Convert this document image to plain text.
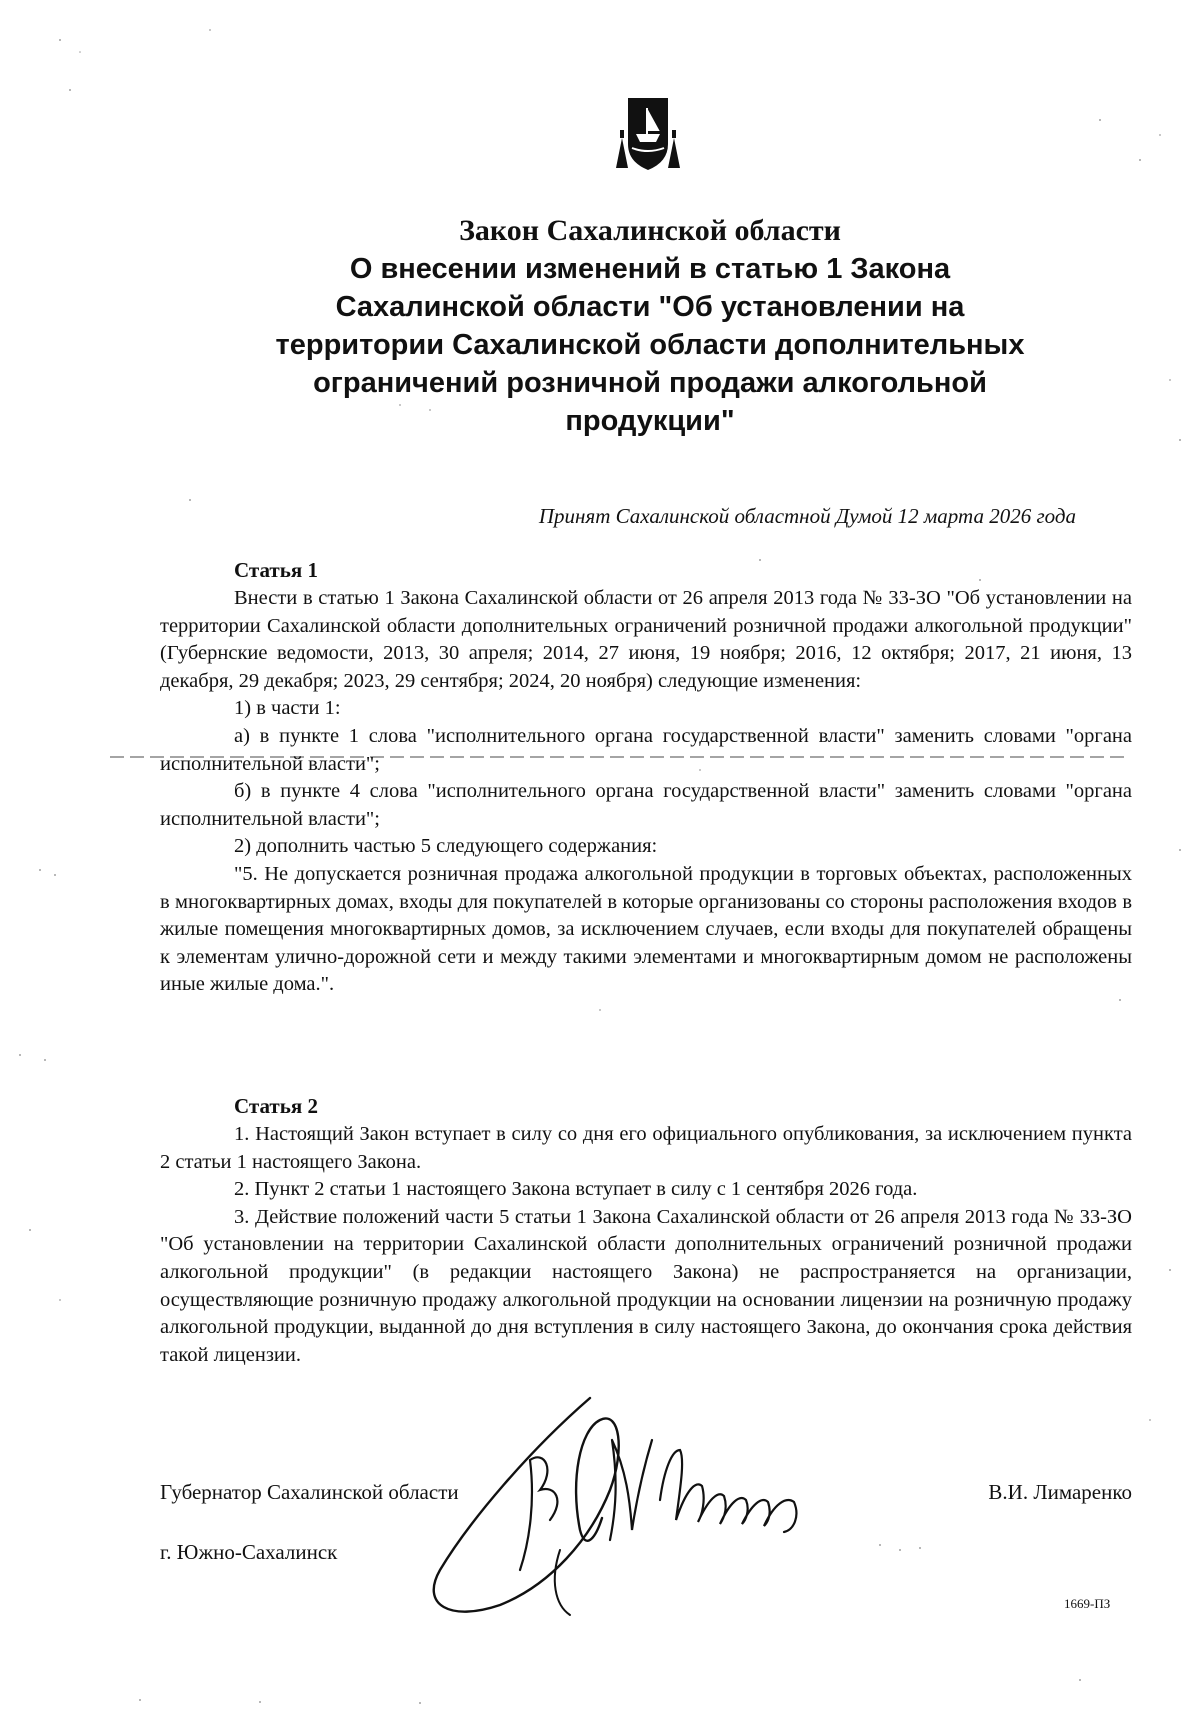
Закон Сахалинской области

О внесении изменений в статью 1 Закона

Сахалинской области "Об установлении на

территории Сахалинской области дополнительных

ограничений розничной продажи алкогольной

продукции"

Принят Сахалинской областной Думой 12 марта 2026 года
Статья 1

Внести в статью 1 Закона Сахалинской области от 26 апреля 2013 года № 33-ЗО "Об установлении на территории Сахалинской области дополнительных ограничений розничной продажи алкогольной продукции" (Губернские ведомости, 2013, 30 апреля; 2014, 27 июня, 19 ноября; 2016, 12 октября; 2017, 21 июня, 13 декабря, 29 декабря; 2023, 29 сентября; 2024, 20 ноября) следующие изменения:

1) в части 1:

а) в пункте 1 слова "исполнительного органа государственной власти" заменить словами "органа исполнительной власти";

б) в пункте 4 слова "исполнительного органа государственной власти" заменить словами "органа исполнительной власти";

2) дополнить частью 5 следующего содержания:

"5. Не допускается розничная продажа алкогольной продукции в торговых объектах, расположенных в многоквартирных домах, входы для покупателей в которые организованы со стороны расположения входов в жилые помещения многоквартирных домов, за исключением случаев, если входы для покупателей обращены к элементам улично-дорожной сети и между такими элементами и многоквартирным домом не расположены иные жилые дома.".

Статья 2

1. Настоящий Закон вступает в силу со дня его официального опубликования, за исключением пункта 2 статьи 1 настоящего Закона.

2. Пункт 2 статьи 1 настоящего Закона вступает в силу с 1 сентября 2026 года.

3. Действие положений части 5 статьи 1 Закона Сахалинской области от 26 апреля 2013 года № 33-ЗО "Об установлении на территории Сахалинской области дополнительных ограничений розничной продажи алкогольной продукции" (в редакции настоящего Закона) не распространяется на организации, осуществляющие розничную продажу алкогольной продукции на основании лицензии на розничную продажу алкогольной продукции, выданной до дня вступления в силу настоящего Закона, до окончания срока действия такой лицензии.

Губернатор Сахалинской области	В.И. Лимаренко
г. Южно-Сахалинск
1669-ПЗ
